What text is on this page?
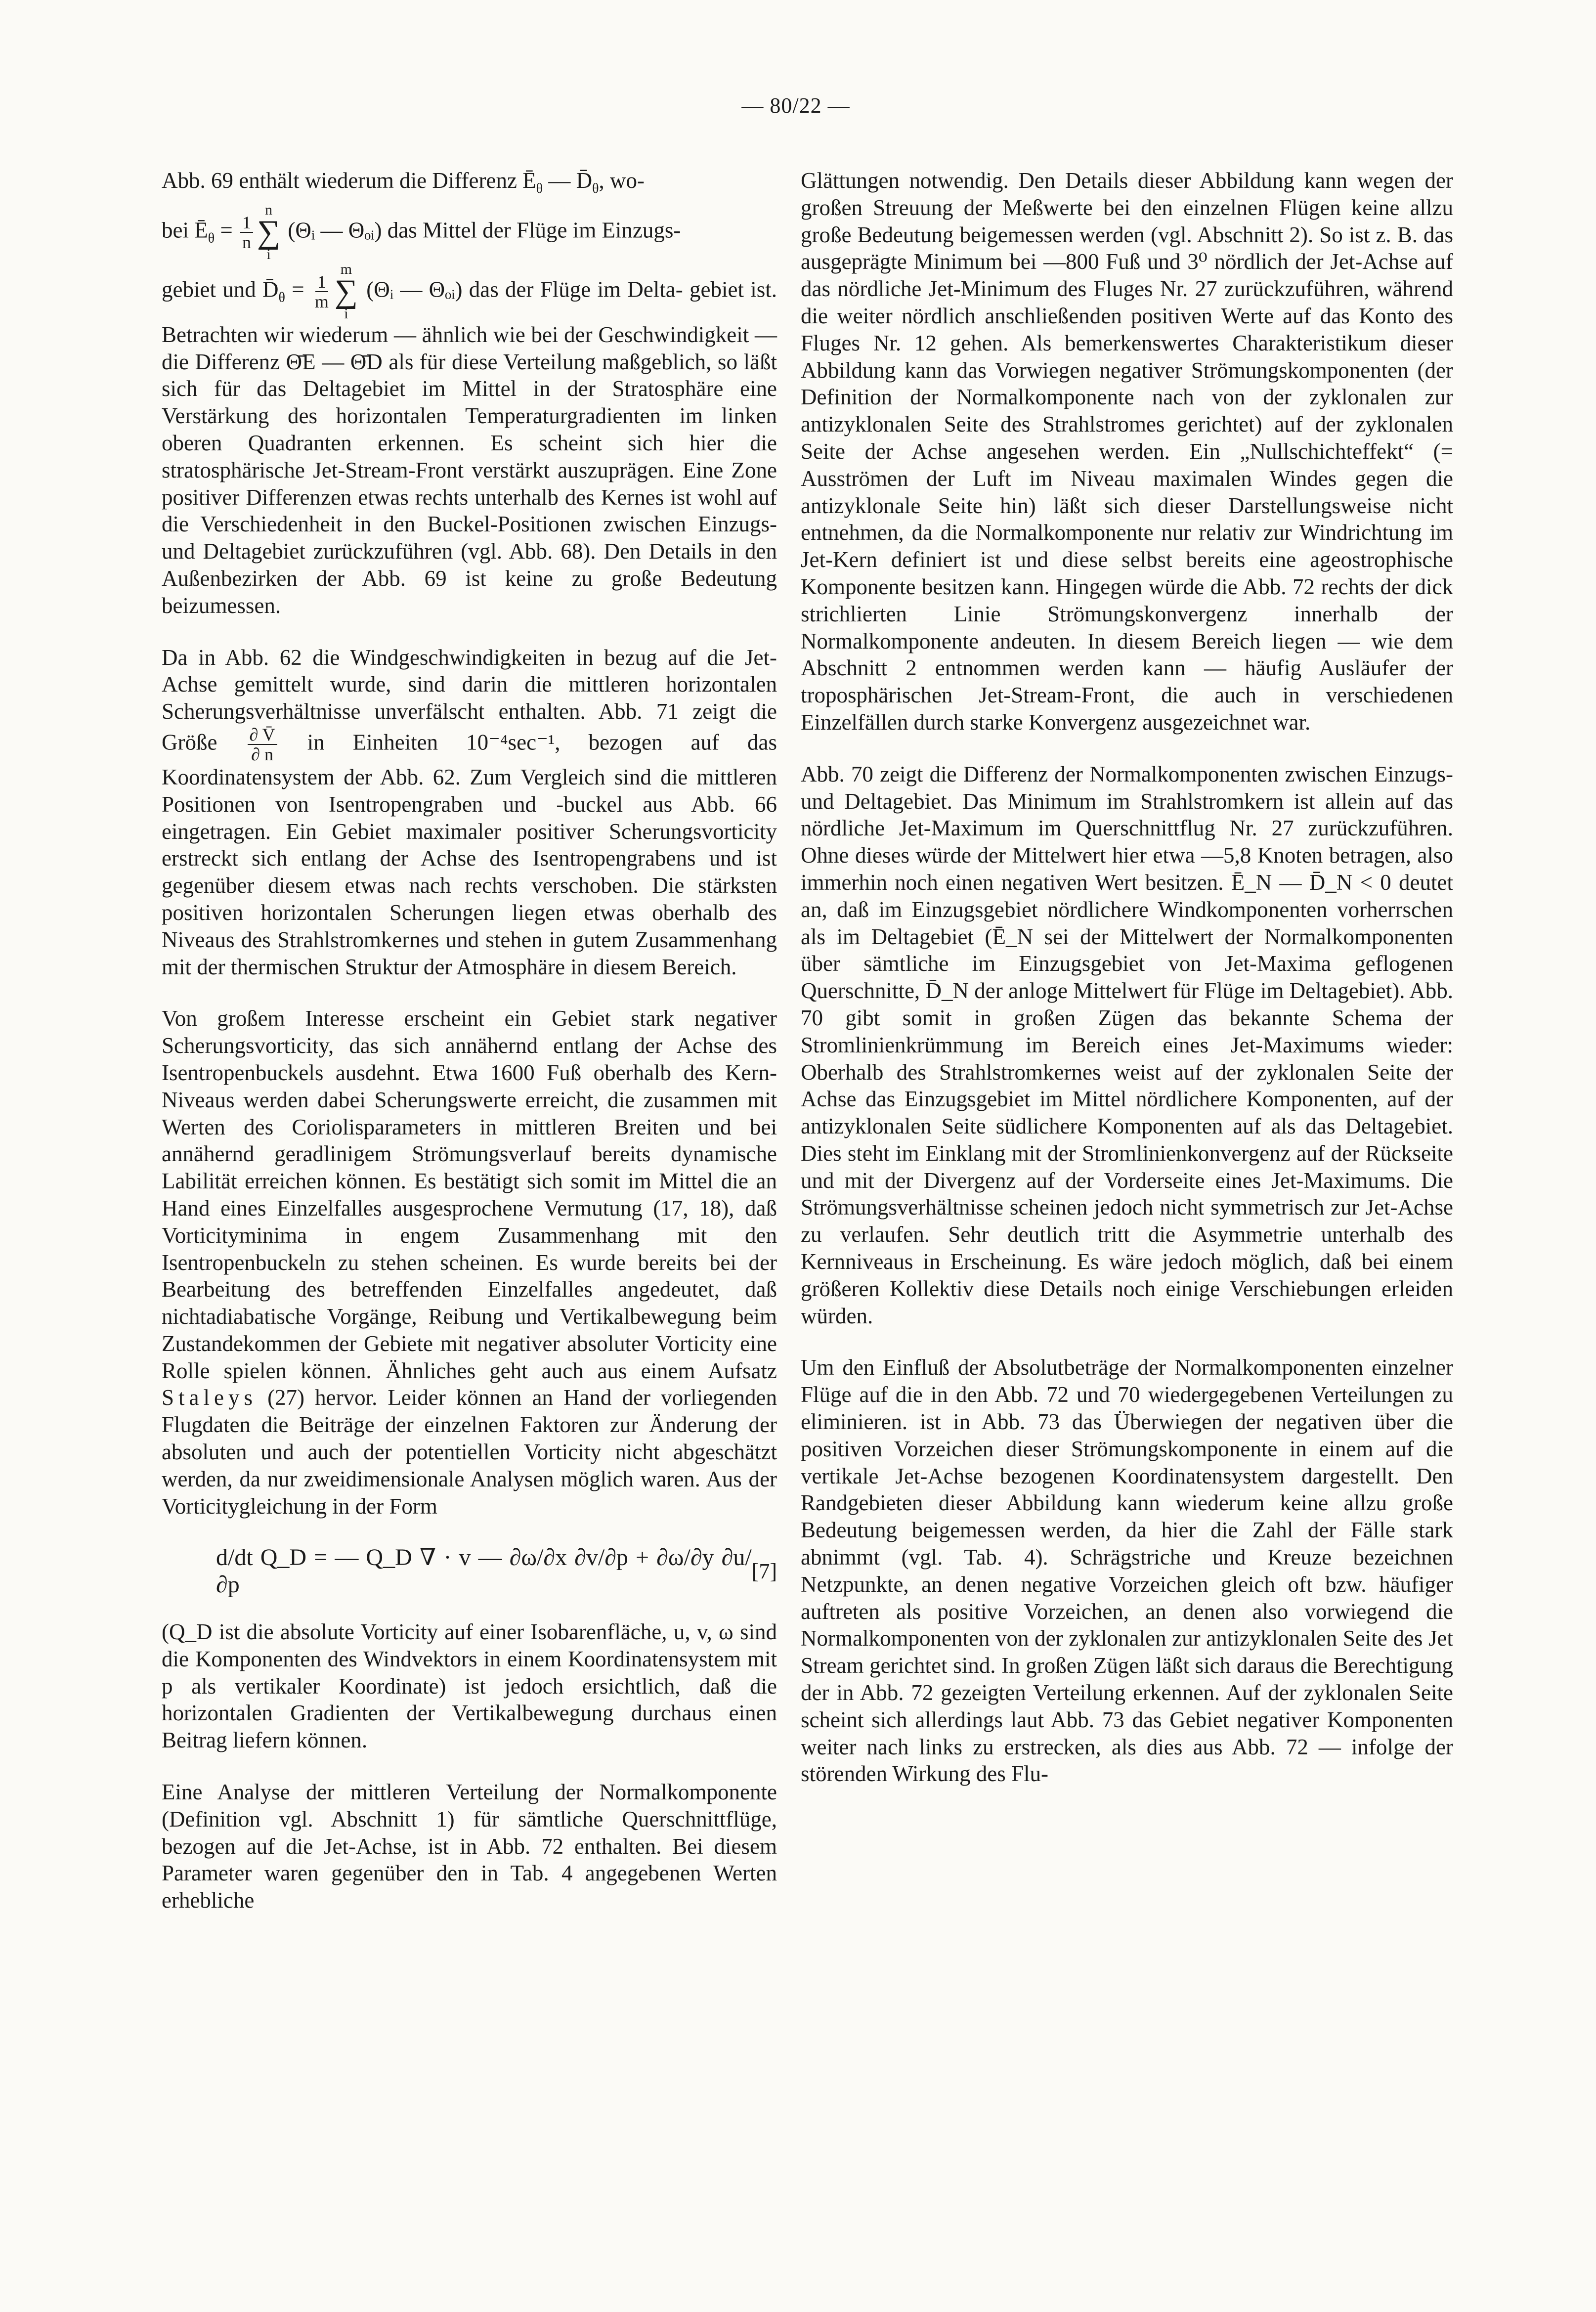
— 80/22 —

Abb. 69 enthält wiederum die Differenz $Ē_\theta$ — $D̄_\theta$, wo-
bei $Ē_\theta = \frac{1}{n}$
n
∑
i
(Θᵢ — Θₒᵢ) das Mittel der Flüge im Einzugs-
gebiet und $D̄_\theta = \frac{1}{m}$
m
∑
i
(Θᵢ — Θₒᵢ) das der Flüge im Delta- gebiet ist. Betrachten wir wiederum — ähnlich wie bei der Geschwindigkeit — die Differenz Θ̄E — Θ̄D als für diese Verteilung maßgeblich, so läßt sich für das Deltagebiet im Mittel in der Stratosphäre eine Verstärkung des horizontalen Temperaturgradienten im linken oberen Quadranten erkennen. Es scheint sich hier die stratosphärische Jet-Stream-Front verstärkt auszuprägen. Eine Zone positiver Differenzen etwas rechts unterhalb des Kernes ist wohl auf die Verschiedenheit in den Buckel-Positionen zwischen Einzugs- und Deltagebiet zurückzuführen (vgl. Abb. 68). Den Details in den Außenbezirken der Abb. 69 ist keine zu große Bedeutung beizumessen.

Da in Abb. 62 die Windgeschwindigkeiten in bezug auf die Jet-Achse gemittelt wurde, sind darin die mittleren horizontalen Scherungsverhältnisse unverfälscht enthalten. Abb. 71 zeigt die Größe $\frac{\partial V̄}{\partial n}$ in Einheiten 10⁻⁴sec⁻¹, bezogen auf das Koordinatensystem der Abb. 62. Zum Vergleich sind die mittleren Positionen von Isentropengraben und -buckel aus Abb. 66 eingetragen. Ein Gebiet maximaler positiver Scherungsvorticity erstreckt sich entlang der Achse des Isentropengrabens und ist gegenüber diesem etwas nach rechts verschoben. Die stärksten positiven horizontalen Scherungen liegen etwas oberhalb des Niveaus des Strahlstromkernes und stehen in gutem Zusammenhang mit der thermischen Struktur der Atmosphäre in diesem Bereich.

Von großem Interesse erscheint ein Gebiet stark negativer Scherungsvorticity, das sich annähernd entlang der Achse des Isentropenbuckels ausdehnt. Etwa 1600 Fuß oberhalb des Kern-Niveaus werden dabei Scherungswerte erreicht, die zusammen mit Werten des Coriolisparameters in mittleren Breiten und bei annähernd geradlinigem Strömungsverlauf bereits dynamische Labilität erreichen können. Es bestätigt sich somit im Mittel die an Hand eines Einzelfalles ausgesprochene Vermutung (17, 18), daß Vorticityminima in engem Zusammenhang mit den Isentropenbuckeln zu stehen scheinen. Es wurde bereits bei der Bearbeitung des betreffenden Einzelfalles angedeutet, daß nichtadiabatische Vorgänge, Reibung und Vertikalbewegung beim Zustandekommen der Gebiete mit negativer absoluter Vorticity eine Rolle spielen können. Ähnliches geht auch aus einem Aufsatz Staleys (27) hervor. Leider können an Hand der vorliegenden Flugdaten die Beiträge der einzelnen Faktoren zur Änderung der absoluten und auch der potentiellen Vorticity nicht abgeschätzt werden, da nur zweidimensionale Analysen möglich waren. Aus der Vorticitygleichung in der Form

d/dt Q_D = — Q_D ∇ · v — ∂ω/∂x ∂v/∂p + ∂ω/∂y ∂u/∂p
[7]

(Q_D ist die absolute Vorticity auf einer Isobarenfläche, u, v, ω sind die Komponenten des Windvektors in einem Koordinatensystem mit p als vertikaler Koordinate) ist jedoch ersichtlich, daß die horizontalen Gradienten der Vertikalbewegung durchaus einen Beitrag liefern können.

Eine Analyse der mittleren Verteilung der Normalkomponente (Definition vgl. Abschnitt 1) für sämtliche Querschnittflüge, bezogen auf die Jet-Achse, ist in Abb. 72 enthalten. Bei diesem Parameter waren gegenüber den in Tab. 4 angegebenen Werten erhebliche

Glättungen notwendig. Den Details dieser Abbildung kann wegen der großen Streuung der Meßwerte bei den einzelnen Flügen keine allzu große Bedeutung beigemessen werden (vgl. Abschnitt 2). So ist z. B. das ausgeprägte Minimum bei —800 Fuß und 3⁰ nördlich der Jet-Achse auf das nördliche Jet-Minimum des Fluges Nr. 27 zurückzuführen, während die weiter nördlich anschließenden positiven Werte auf das Konto des Fluges Nr. 12 gehen. Als bemerkenswertes Charakteristikum dieser Abbildung kann das Vorwiegen negativer Strömungskomponenten (der Definition der Normalkomponente nach von der zyklonalen zur antizyklonalen Seite des Strahlstromes gerichtet) auf der zyklonalen Seite der Achse angesehen werden. Ein „Nullschichteffekt“ (= Ausströmen der Luft im Niveau maximalen Windes gegen die antizyklonale Seite hin) läßt sich dieser Darstellungsweise nicht entnehmen, da die Normalkomponente nur relativ zur Windrichtung im Jet-Kern definiert ist und diese selbst bereits eine ageostrophische Komponente besitzen kann. Hingegen würde die Abb. 72 rechts der dick strichlierten Linie Strömungskonvergenz innerhalb der Normalkomponente andeuten. In diesem Bereich liegen — wie dem Abschnitt 2 entnommen werden kann — häufig Ausläufer der troposphärischen Jet-Stream-Front, die auch in verschiedenen Einzelfällen durch starke Konvergenz ausgezeichnet war.

Abb. 70 zeigt die Differenz der Normalkomponenten zwischen Einzugs- und Deltagebiet. Das Minimum im Strahlstromkern ist allein auf das nördliche Jet-Maximum im Querschnittflug Nr. 27 zurückzuführen. Ohne dieses würde der Mittelwert hier etwa —5,8 Knoten betragen, also immerhin noch einen negativen Wert besitzen. Ē_N — D̄_N < 0 deutet an, daß im Einzugsgebiet nördlichere Windkomponenten vorherrschen als im Deltagebiet (Ē_N sei der Mittelwert der Normalkomponenten über sämtliche im Einzugsgebiet von Jet-Maxima geflogenen Querschnitte, D̄_N der anloge Mittelwert für Flüge im Deltagebiet). Abb. 70 gibt somit in großen Zügen das bekannte Schema der Stromlinienkrümmung im Bereich eines Jet-Maximums wieder: Oberhalb des Strahlstromkernes weist auf der zyklonalen Seite der Achse das Einzugsgebiet im Mittel nördlichere Komponenten, auf der antizyklonalen Seite südlichere Komponenten auf als das Deltagebiet. Dies steht im Einklang mit der Stromlinienkonvergenz auf der Rückseite und mit der Divergenz auf der Vorderseite eines Jet-Maximums. Die Strömungsverhältnisse scheinen jedoch nicht symmetrisch zur Jet-Achse zu verlaufen. Sehr deutlich tritt die Asymmetrie unterhalb des Kernniveaus in Erscheinung. Es wäre jedoch möglich, daß bei einem größeren Kollektiv diese Details noch einige Verschiebungen erleiden würden.

Um den Einfluß der Absolutbeträge der Normalkomponenten einzelner Flüge auf die in den Abb. 72 und 70 wiedergegebenen Verteilungen zu eliminieren. ist in Abb. 73 das Überwiegen der negativen über die positiven Vorzeichen dieser Strömungskomponente in einem auf die vertikale Jet-Achse bezogenen Koordinatensystem dargestellt. Den Randgebieten dieser Abbildung kann wiederum keine allzu große Bedeutung beigemessen werden, da hier die Zahl der Fälle stark abnimmt (vgl. Tab. 4). Schrägstriche und Kreuze bezeichnen Netzpunkte, an denen negative Vorzeichen gleich oft bzw. häufiger auftreten als positive Vorzeichen, an denen also vorwiegend die Normalkomponenten von der zyklonalen zur antizyklonalen Seite des Jet Stream gerichtet sind. In großen Zügen läßt sich daraus die Berechtigung der in Abb. 72 gezeigten Verteilung erkennen. Auf der zyklonalen Seite scheint sich allerdings laut Abb. 73 das Gebiet negativer Komponenten weiter nach links zu erstrecken, als dies aus Abb. 72 — infolge der störenden Wirkung des Flu-
